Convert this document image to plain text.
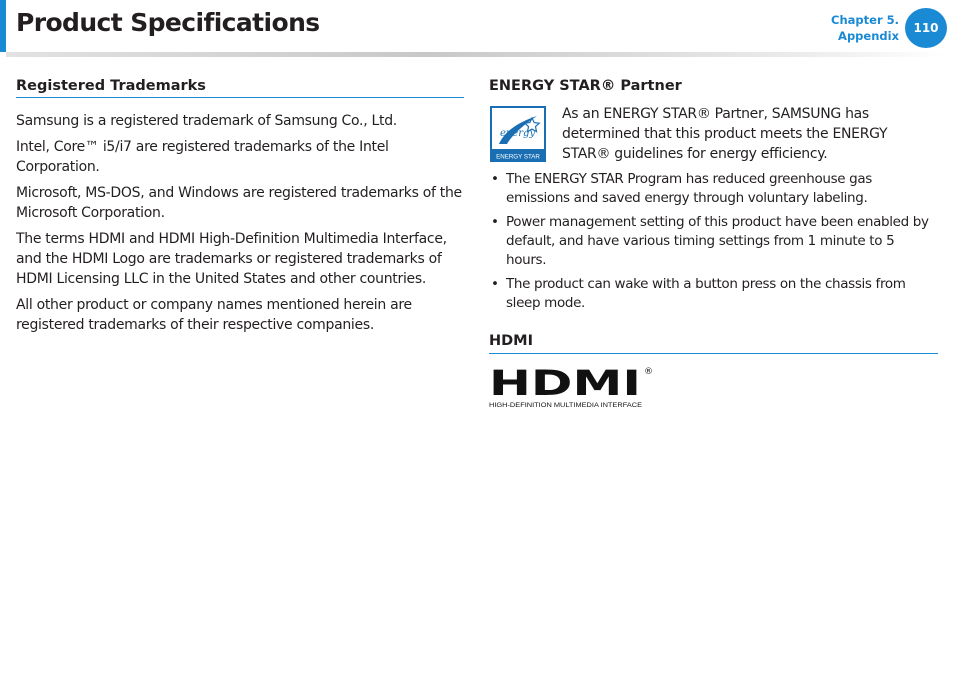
Product Specifications	Chapter 5.
Appendix
110
Registered Trademarks

Samsung is a registered trademark of Samsung Co., Ltd.

Intel, Core™ i5/i7 are registered trademarks of the Intel Corporation.

Microsoft, MS-DOS, and Windows are registered trademarks of the Microsoft Corporation.

The terms HDMI and HDMI High-Definition Multimedia Interface, and the HDMI Logo are trademarks or registered trademarks of HDMI Licensing LLC in the United States and other countries.

All other product or company names mentioned herein are registered trademarks of their respective companies.

ENERGY STAR® Partner
energy
ENERGY STAR
As an ENERGY STAR® Partner, SAMSUNG has determined that this product meets the ENERGY STAR® guidelines for energy efficiency.
• The ENERGY STAR Program has reduced greenhouse gas emissions and saved energy through voluntary labeling.
• Power management setting of this product have been enabled by default, and have various timing settings from 1 minute to 5 hours.
• The product can wake with a button press on the chassis from sleep mode.
HDMI
HDMI ®
HIGH-DEFINITION MULTIMEDIA INTERFACE
